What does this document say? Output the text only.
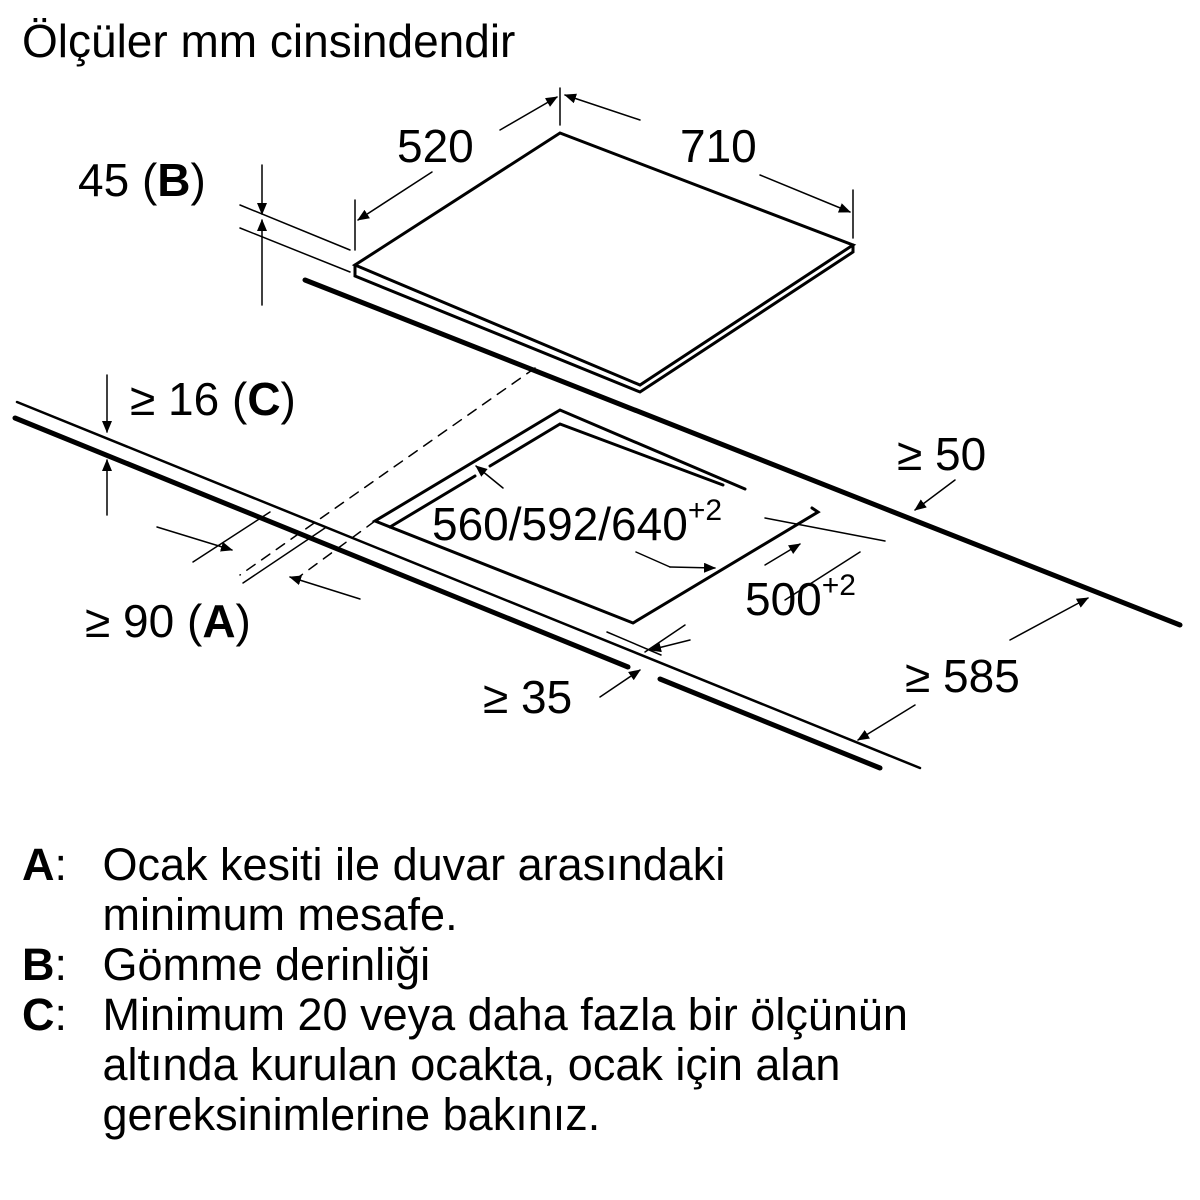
Ölçüler mm cinsindendir
520	710
45 (B)
≥ 16 (C)
≥ 90 (A)
$560/592/640^{+2}$
$500^{+2}$
≥ 50
≥ 35	≥ 585
A : Ocak kesiti ile duvar arasındaki
minimum mesafe.
B : Gömme derinliği
C : Minimum 20 veya daha fazla bir ölçünün
altında kurulan ocakta, ocak için alan
gereksinimlerine bakınız.
